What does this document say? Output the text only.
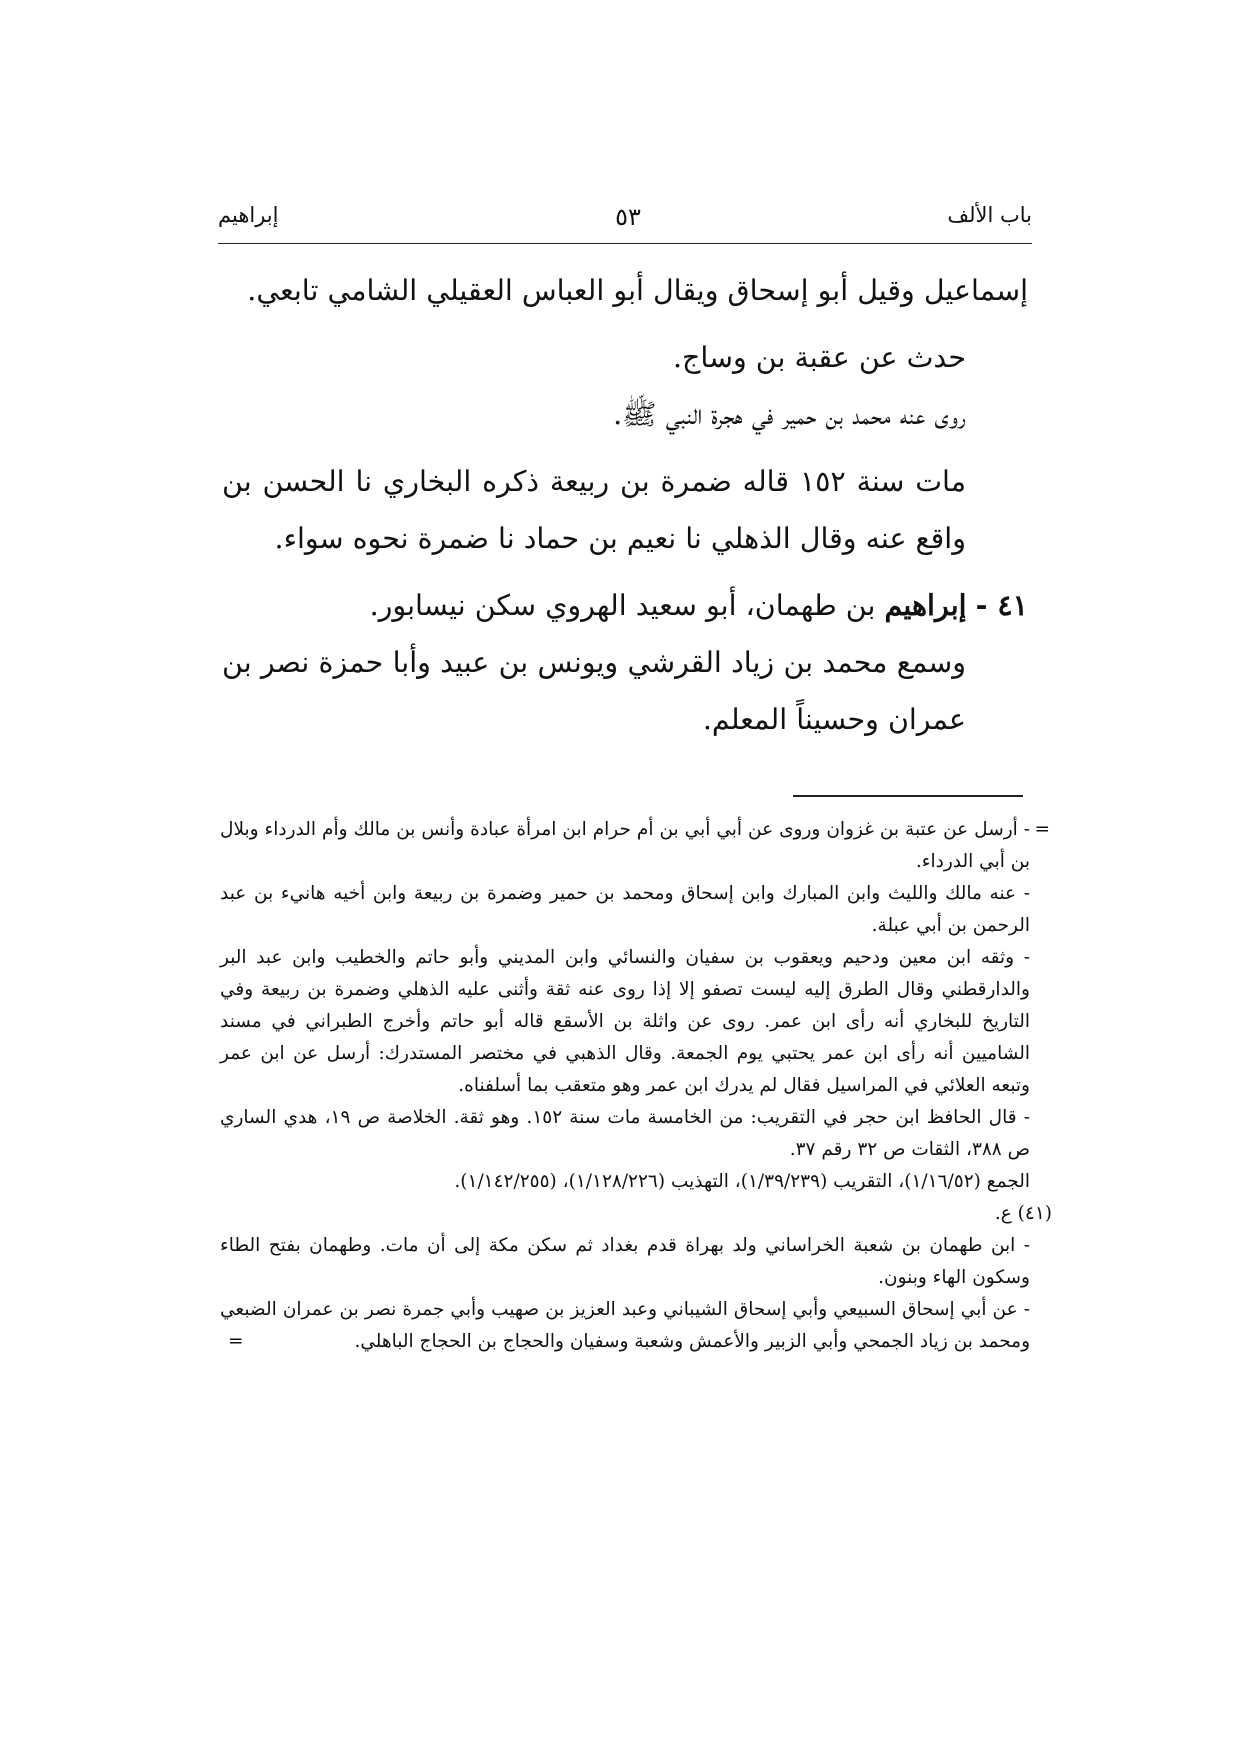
باب الألف
٥٣
إبراهيم

إسماعيل وقيل أبو إسحاق ويقال أبو العباس العقيلي الشامي تابعي.

حدث عن عقبة بن وساج.

روى عنه محمد بن حمير في هجرة النبي ﷺ.

مات سنة ١٥٢ قاله ضمرة بن ربيعة ذكره البخاري نا الحسن بن واقع عنه وقال الذهلي نا نعيم بن حماد نا ضمرة نحوه سواء.

٤١ - إبراهيم بن طهمان، أبو سعيد الهروي سكن نيسابور.

وسمع محمد بن زياد القرشي ويونس بن عبيد وأبا حمزة نصر بن عمران وحسيناً المعلم.

=
- أرسل عن عتبة بن غزوان وروى عن أبي أبي بن أم حرام ابن امرأة عبادة وأنس بن مالك وأم الدرداء وبلال بن أبي الدرداء.

- عنه مالك والليث وابن المبارك وابن إسحاق ومحمد بن حمير وضمرة بن ربيعة وابن أخيه هانيء بن عبد الرحمن بن أبي عبلة.

- وثقه ابن معين ودحيم ويعقوب بن سفيان والنسائي وابن المديني وأبو حاتم والخطيب وابن عبد البر والدارقطني وقال الطرق إليه ليست تصفو إلا إذا روى عنه ثقة وأثنى عليه الذهلي وضمرة بن ربيعة وفي التاريخ للبخاري أنه رأى ابن عمر. روى عن واثلة بن الأسقع قاله أبو حاتم وأخرج الطبراني في مسند الشاميين أنه رأى ابن عمر يحتبي يوم الجمعة. وقال الذهبي في مختصر المستدرك: أرسل عن ابن عمر وتبعه العلائي في المراسيل فقال لم يدرك ابن عمر وهو متعقب بما أسلفناه.

- قال الحافظ ابن حجر في التقريب: من الخامسة مات سنة ١٥٢. وهو ثقة. الخلاصة ص ١٩، هدي الساري ص ٣٨٨، الثقات ص ٣٢ رقم ٣٧.

الجمع (١/١٦/٥٢)، التقريب (١/٣٩/٢٣٩)، التهذيب (١/١٢٨/٢٢٦)، (١/١٤٢/٢٥٥).

(٤١) ع.

- ابن طهمان بن شعبة الخراساني ولد بهراة قدم بغداد ثم سكن مكة إلى أن مات. وطهمان بفتح الطاء وسكون الهاء وبنون.

- عن أبي إسحاق السبيعي وأبي إسحاق الشيباني وعبد العزيز بن صهيب وأبي جمرة نصر بن عمران الضبعي ومحمد بن زياد الجمحي وأبي الزبير والأعمش وشعبة وسفيان والحجاج بن الحجاج الباهلي.
=
